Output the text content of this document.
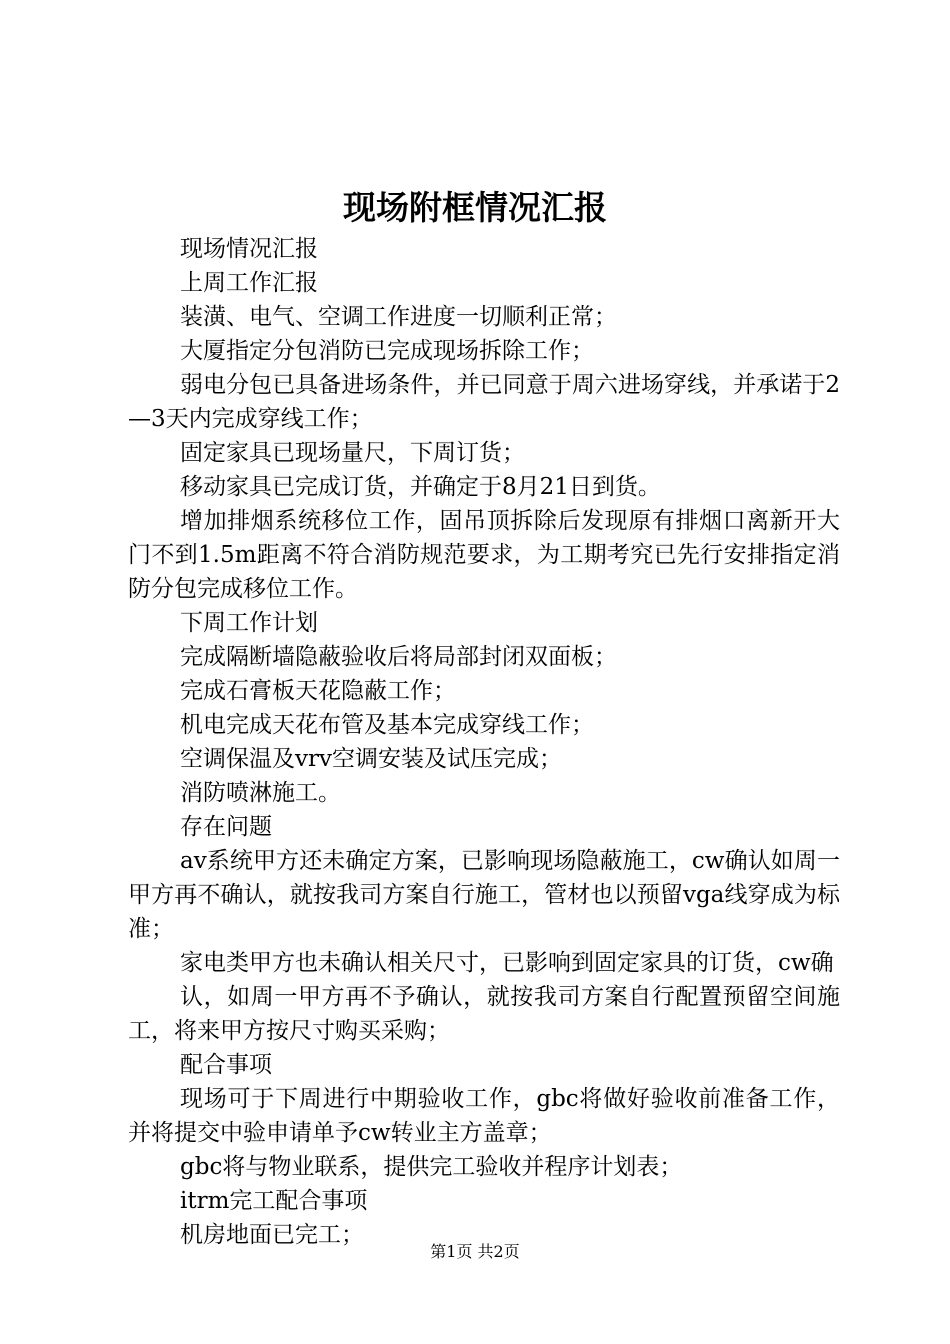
现场附框情况汇报

现场情况汇报

上周工作汇报

装潢、电气、空调工作进度一切顺利正常；

大厦指定分包消防已完成现场拆除工作；

弱电分包已具备进场条件，并已同意于周六进场穿线，并承诺于2—3天内完成穿线工作；

固定家具已现场量尺，下周订货；

移动家具已完成订货，并确定于8月21日到货。

增加排烟系统移位工作，固吊顶拆除后发现原有排烟口离新开大门不到1.5m距离不符合消防规范要求，为工期考究已先行安排指定消防分包完成移位工作。

下周工作计划

完成隔断墙隐蔽验收后将局部封闭双面板；

完成石膏板天花隐蔽工作；

机电完成天花布管及基本完成穿线工作；

空调保温及vrv空调安装及试压完成；

消防喷淋施工。

存在问题

av系统甲方还未确定方案，已影响现场隐蔽施工，cw确认如周一甲方再不确认，就按我司方案自行施工，管材也以预留vga线穿成为标准；

家电类甲方也未确认相关尺寸，已影响到固定家具的订货，cw确

认，如周一甲方再不予确认，就按我司方案自行配置预留空间施工，将来甲方按尺寸购买采购；

配合事项

现场可于下周进行中期验收工作，gbc将做好验收前准备工作，并将提交中验申请单予cw转业主方盖章；

gbc将与物业联系，提供完工验收并程序计划表；

itrm完工配合事项

机房地面已完工；

第1页 共2页
